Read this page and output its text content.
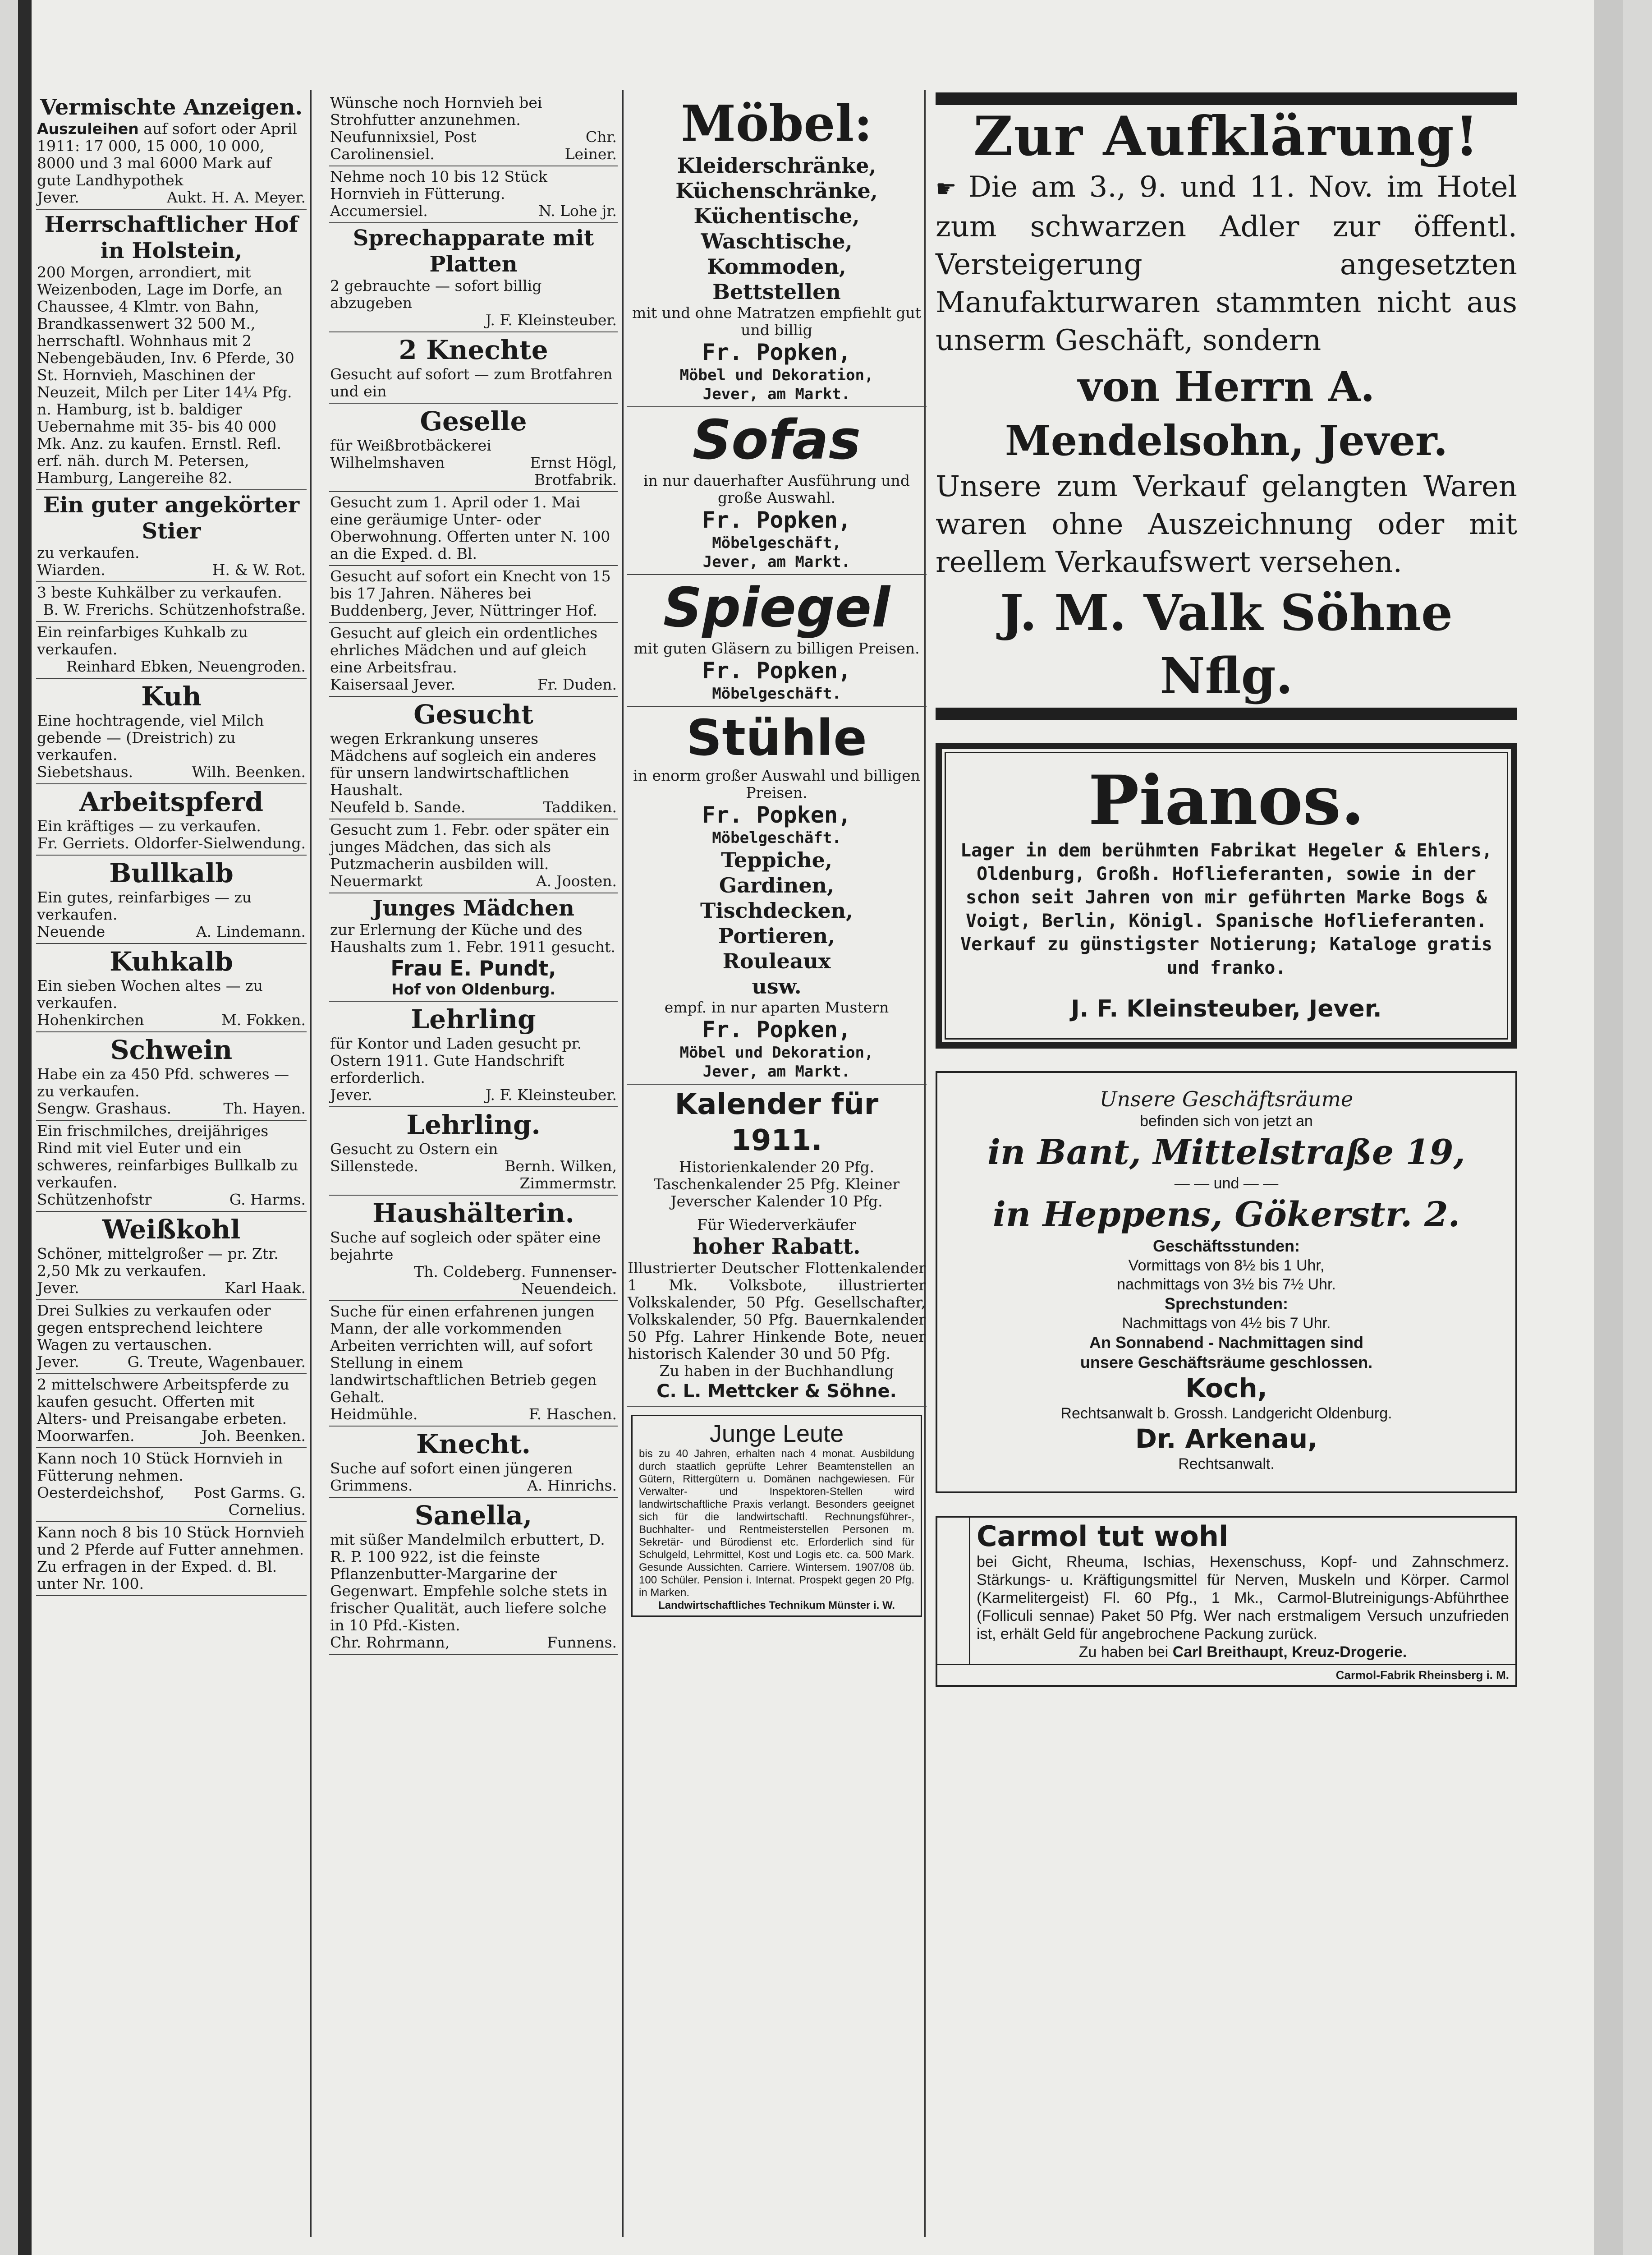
Vermischte Anzeigen.
Auszuleihen auf sofort oder April 1911: 17 000, 15 000, 10 000, 8000 und 3 mal 6000 Mark auf gute Landhypothek
Jever.	Aukt. H. A. Meyer.
Herrschaftlicher Hof in Holstein,
200 Morgen, arrondiert, mit Weizenboden, Lage im Dorfe, an Chaussee, 4 Klmtr. von Bahn, Brandkassenwert 32 500 M., herrschaftl. Wohnhaus mit 2 Nebengebäuden, Inv. 6 Pferde, 30 St. Hornvieh, Maschinen der Neuzeit, Milch per Liter 14¼ Pfg. n. Hamburg, ist b. baldiger Uebernahme mit 35- bis 40 000 Mk. Anz. zu kaufen. Ernstl. Refl. erf. näh. durch M. Petersen, Hamburg, Langereihe 82.
Ein guter angekörter Stier
zu verkaufen.
Wiarden.	H. & W. Rot.
3 beste Kuhkälber zu verkaufen.
B. W. Frerichs. Schützenhofstraße.
Ein reinfarbiges Kuhkalb zu verkaufen.
Reinhard Ebken, Neuengroden.
Kuh
Eine hochtragende, viel Milch gebende — (Dreistrich) zu verkaufen.
Siebetshaus.	Wilh. Beenken.
Arbeitspferd
Ein kräftiges — zu verkaufen.
Fr. Gerriets. Oldorfer-Sielwendung.
Bullkalb
Ein gutes, reinfarbiges — zu verkaufen.
Neuende	A. Lindemann.
Kuhkalb
Ein sieben Wochen altes — zu verkaufen.
Hohenkirchen	M. Fokken.
Schwein
Habe ein za 450 Pfd. schweres — zu verkaufen.
Sengw. Grashaus.	Th. Hayen.
Ein frischmilches, dreijähriges Rind mit viel Euter und ein schweres, reinfarbiges Bullkalb zu verkaufen.
Schützenhofstr	G. Harms.
Weißkohl
Schöner, mittelgroßer — pr. Ztr. 2,50 Mk zu verkaufen.
Jever.	Karl Haak.
Drei Sulkies zu verkaufen oder gegen entsprechend leichtere Wagen zu vertauschen.
Jever.	G. Treute, Wagenbauer.
2 mittelschwere Arbeitspferde zu kaufen gesucht. Offerten mit Alters- und Preisangabe erbeten.
Moorwarfen.	Joh. Beenken.
Kann noch 10 Stück Hornvieh in Fütterung nehmen.
Oesterdeichshof,	Post Garms. G. Cornelius.
Kann noch 8 bis 10 Stück Hornvieh und 2 Pferde auf Futter annehmen. Zu erfragen in der Exped. d. Bl. unter Nr. 100.
Wünsche noch Hornvieh bei Strohfutter anzunehmen.
Neufunnixsiel, Post Carolinensiel.
Chr. Leiner.
Nehme noch 10 bis 12 Stück Hornvieh in Fütterung.
Accumersiel.	N. Lohe jr.
Sprechapparate mit Platten
2 gebrauchte — sofort billig abzugeben
J. F. Kleinsteuber.
2 Knechte
Gesucht auf sofort — zum Brotfahren und ein
Geselle
für Weißbrotbäckerei
Wilhelmshaven	Ernst Högl, Brotfabrik.
Gesucht zum 1. April oder 1. Mai eine geräumige Unter- oder Oberwohnung. Offerten unter N. 100 an die Exped. d. Bl.
Gesucht auf sofort ein Knecht von 15 bis 17 Jahren. Näheres bei Buddenberg, Jever, Nüttringer Hof.
Gesucht auf gleich ein ordentliches ehrliches Mädchen und auf gleich eine Arbeitsfrau.
Kaisersaal Jever.	Fr. Duden.
Gesucht
wegen Erkrankung unseres Mädchens auf sogleich ein anderes für unsern landwirtschaftlichen Haushalt.
Neufeld b. Sande.	Taddiken.
Gesucht zum 1. Febr. oder später ein junges Mädchen, das sich als Putzmacherin ausbilden will.
Neuermarkt	A. Joosten.
Junges Mädchen
zur Erlernung der Küche und des Haushalts zum 1. Febr. 1911 gesucht.
Frau E. Pundt,
Hof von Oldenburg.
Lehrling
für Kontor und Laden gesucht pr. Ostern 1911. Gute Handschrift erforderlich.
Jever.	J. F. Kleinsteuber.
Lehrling.
Gesucht zu Ostern ein
Sillenstede.	Bernh. Wilken, Zimmermstr.
Haushälterin.
Suche auf sogleich oder später eine bejahrte
Th. Coldeberg. Funnenser-Neuendeich.
Suche für einen erfahrenen jungen Mann, der alle vorkommenden Arbeiten verrichten will, auf sofort Stellung in einem landwirtschaftlichen Betrieb gegen Gehalt.
Heidmühle.	F. Haschen.
Knecht.
Suche auf sofort einen jüngeren
Grimmens.	A. Hinrichs.
Sanella,
mit süßer Mandelmilch erbuttert, D. R. P. 100 922, ist die feinste Pflanzenbutter-Margarine der Gegenwart. Empfehle solche stets in frischer Qualität, auch liefere solche in 10 Pfd.-Kisten.
Chr. Rohrmann,	Funnens.
Möbel:
Kleiderschränke,
Küchenschränke,
Küchentische,
Waschtische,
Kommoden,
Bettstellen
mit und ohne Matratzen empfiehlt gut und billig
Fr. Popken,
Möbel und Dekoration,
Jever, am Markt.
Sofas
in nur dauerhafter Ausführung und große Auswahl.
Fr. Popken,
Möbelgeschäft,
Jever, am Markt.
Spiegel
mit guten Gläsern zu billigen Preisen.
Fr. Popken,
Möbelgeschäft.
Stühle
in enorm großer Auswahl und billigen Preisen.
Fr. Popken,
Möbelgeschäft.
Teppiche,
Gardinen,
Tischdecken,
Portieren,
Rouleaux
usw.
empf. in nur aparten Mustern
Fr. Popken,
Möbel und Dekoration,
Jever, am Markt.
Kalender für 1911.
Historienkalender 20 Pfg. Taschenkalender 25 Pfg. Kleiner Jeverscher Kalender 10 Pfg.
Für Wiederverkäufer
hoher Rabatt.
Illustrierter Deutscher Flottenkalender 1 Mk. Volksbote, illustrierter Volkskalender, 50 Pfg. Gesellschafter, Volkskalender, 50 Pfg. Bauernkalender 50 Pfg. Lahrer Hinkende Bote, neuer historisch Kalender 30 und 50 Pfg.
Zu haben in der Buchhandlung
C. L. Mettcker & Söhne.
Junge Leute
bis zu 40 Jahren, erhalten nach 4 monat. Ausbildung durch staatlich geprüfte Lehrer Beamtenstellen an Gütern, Rittergütern u. Domänen nachgewiesen. Für Verwalter- und Inspektoren-Stellen wird landwirtschaftliche Praxis verlangt. Besonders geeignet sich für die landwirtschaftl. Rechnungsführer-, Buchhalter- und Rentmeisterstellen Personen m. Sekretär- und Bürodienst etc. Erforderlich sind für Schulgeld, Lehrmittel, Kost und Logis etc. ca. 500 Mark. Gesunde Aussichten. Carriere. Wintersem. 1907/08 üb. 100 Schüler. Pension i. Internat. Prospekt gegen 20 Pfg. in Marken.
Landwirtschaftliches Technikum Münster i. W.
Zur Aufklärung!
☛ Die am 3., 9. und 11. Nov. im Hotel zum schwarzen Adler zur öffentl. Versteigerung angesetzten Manufakturwaren stammten nicht aus unserm Geschäft, sondern
von Herrn A. Mendelsohn, Jever.
Unsere zum Verkauf gelangten Waren waren ohne Auszeichnung oder mit reellem Verkaufswert versehen.
J. M. Valk Söhne Nflg.
Pianos.
Lager in dem berühmten Fabrikat Hegeler & Ehlers, Oldenburg, Großh. Hoflieferanten, sowie in der schon seit Jahren von mir geführten Marke Bogs & Voigt, Berlin, Königl. Spanische Hoflieferanten. Verkauf zu günstigster Notierung; Kataloge gratis und franko.
J. F. Kleinsteuber, Jever.
Unsere Geschäftsräume
befinden sich von jetzt an
in Bant, Mittelstraße 19,
— — und — —
in Heppens, Gökerstr. 2.
Geschäftsstunden:
Vormittags von 8½ bis 1 Uhr,
nachmittags von 3½ bis 7½ Uhr.
Sprechstunden:
Nachmittags von 4½ bis 7 Uhr.
An Sonnabend - Nachmittagen sind
unsere Geschäftsräume geschlossen.
Koch,
Rechtsanwalt b. Grossh. Landgericht Oldenburg.
Dr. Arkenau,
Rechtsanwalt.
Carmol tut wohl
bei Gicht, Rheuma, Ischias, Hexenschuss, Kopf- und Zahnschmerz. Stärkungs- u. Kräftigungsmittel für Nerven, Muskeln und Körper. Carmol (Karmelitergeist) Fl. 60 Pfg., 1 Mk., Carmol-Blutreinigungs-Abführthee (Folliculi sennae) Paket 50 Pfg. Wer nach erstmaligem Versuch unzufrieden ist, erhält Geld für angebrochene Packung zurück.
Zu haben bei Carl Breithaupt, Kreuz-Drogerie.
Carmol-Fabrik Rheinsberg i. M.
